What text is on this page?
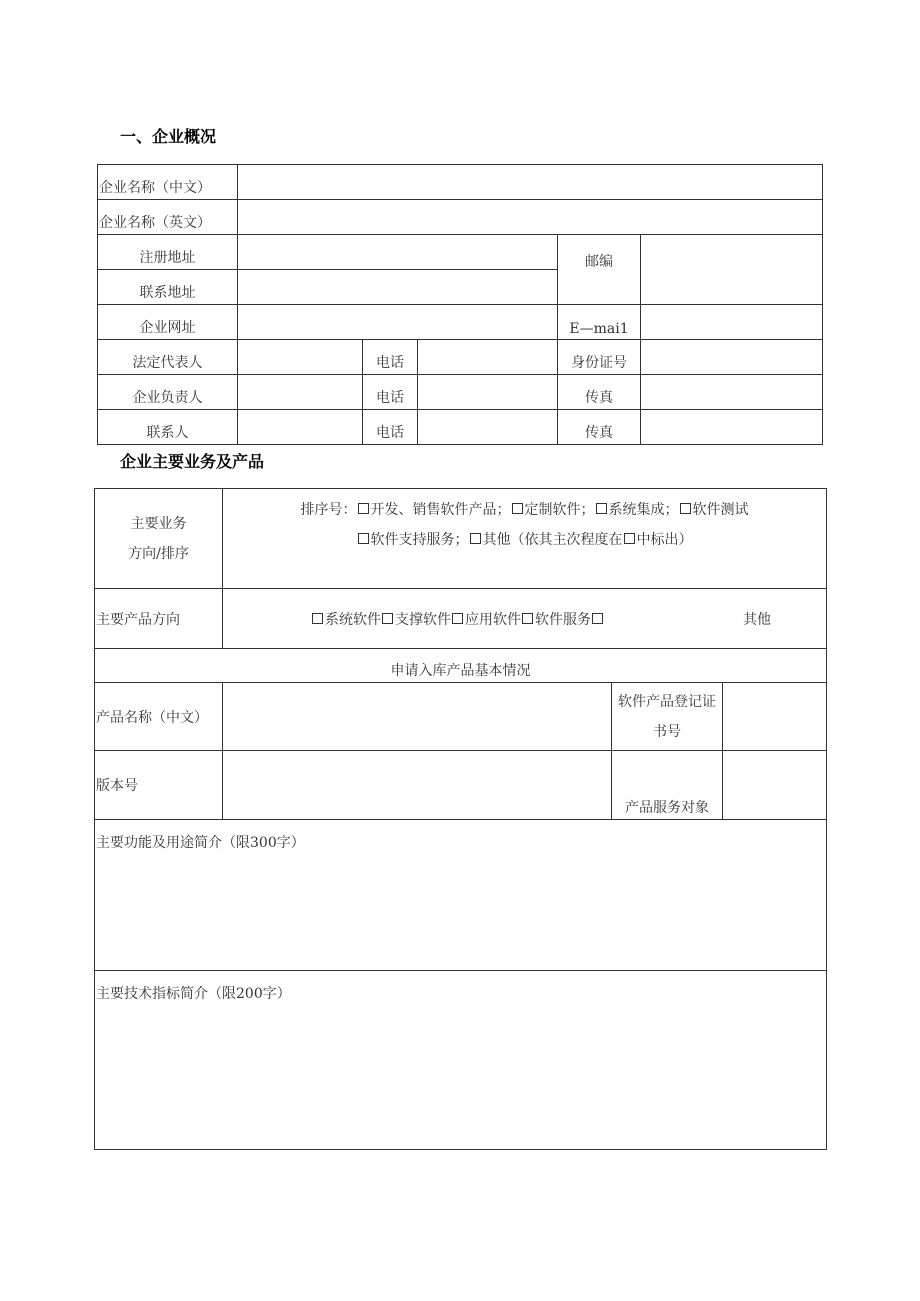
一、企业概况
企业名称（中文）					
企业名称（英文）					
注册地址				邮编	
联系地址					
企业网址				E—mai1	
法定代表人		电话		身份证号	
企业负责人		电话		传真	
联系人		电话		传真	
企业主要业务及产品
主要业务
方向/排序	排序号： 开发、销售软件产品； 定制软件； 系统集成； 软件测试
软件支持服务； 其他（依其主次程度在 中标出）		

主要产品方向	系统软件 支撑软件 应用软件 软件服务 其他		

申请入库产品基本情况			
产品名称（中文）		软件产品登记证
书号	

版本号		产品服务对象	
主要功能及用途简介（限300字）			
主要技术指标简介（限200字）			
